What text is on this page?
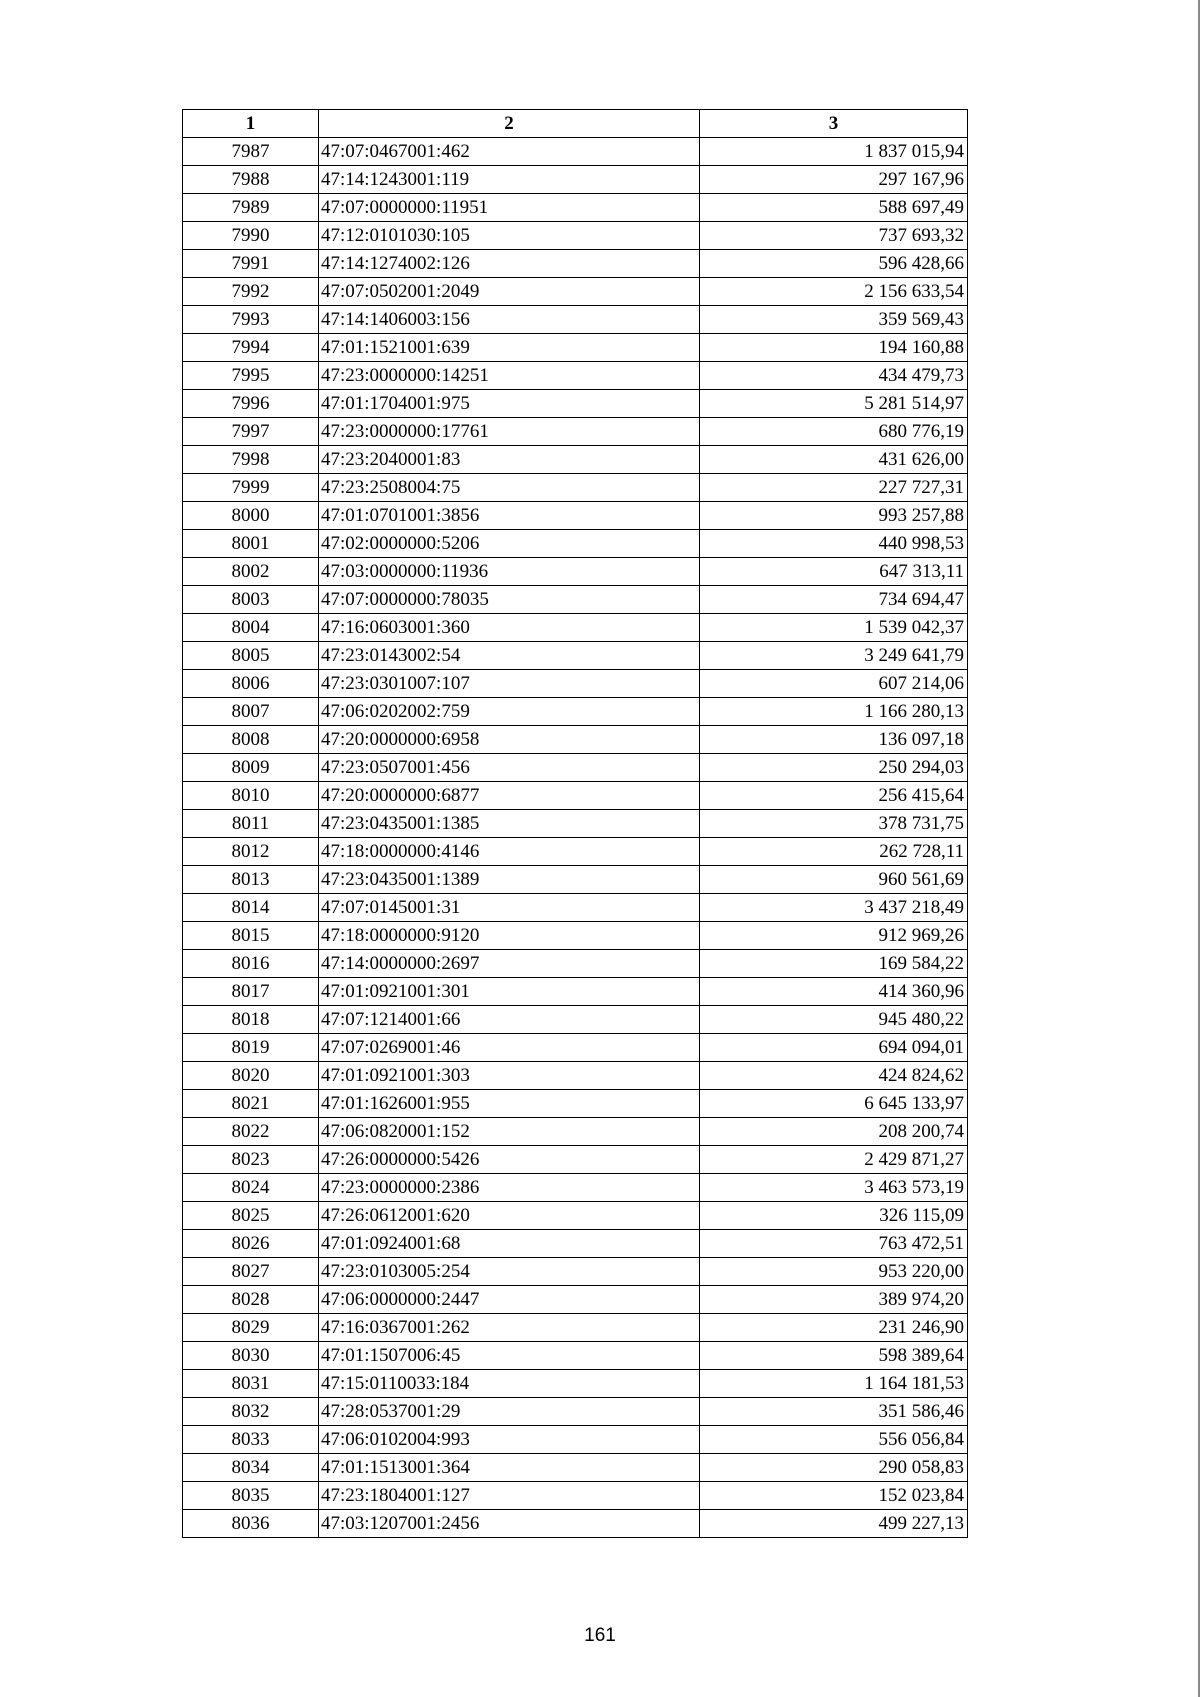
1	2	3
7987	47:07:0467001:462	1 837 015,94
7988	47:14:1243001:119	297 167,96
7989	47:07:0000000:11951	588 697,49
7990	47:12:0101030:105	737 693,32
7991	47:14:1274002:126	596 428,66
7992	47:07:0502001:2049	2 156 633,54
7993	47:14:1406003:156	359 569,43
7994	47:01:1521001:639	194 160,88
7995	47:23:0000000:14251	434 479,73
7996	47:01:1704001:975	5 281 514,97
7997	47:23:0000000:17761	680 776,19
7998	47:23:2040001:83	431 626,00
7999	47:23:2508004:75	227 727,31
8000	47:01:0701001:3856	993 257,88
8001	47:02:0000000:5206	440 998,53
8002	47:03:0000000:11936	647 313,11
8003	47:07:0000000:78035	734 694,47
8004	47:16:0603001:360	1 539 042,37
8005	47:23:0143002:54	3 249 641,79
8006	47:23:0301007:107	607 214,06
8007	47:06:0202002:759	1 166 280,13
8008	47:20:0000000:6958	136 097,18
8009	47:23:0507001:456	250 294,03
8010	47:20:0000000:6877	256 415,64
8011	47:23:0435001:1385	378 731,75
8012	47:18:0000000:4146	262 728,11
8013	47:23:0435001:1389	960 561,69
8014	47:07:0145001:31	3 437 218,49
8015	47:18:0000000:9120	912 969,26
8016	47:14:0000000:2697	169 584,22
8017	47:01:0921001:301	414 360,96
8018	47:07:1214001:66	945 480,22
8019	47:07:0269001:46	694 094,01
8020	47:01:0921001:303	424 824,62
8021	47:01:1626001:955	6 645 133,97
8022	47:06:0820001:152	208 200,74
8023	47:26:0000000:5426	2 429 871,27
8024	47:23:0000000:2386	3 463 573,19
8025	47:26:0612001:620	326 115,09
8026	47:01:0924001:68	763 472,51
8027	47:23:0103005:254	953 220,00
8028	47:06:0000000:2447	389 974,20
8029	47:16:0367001:262	231 246,90
8030	47:01:1507006:45	598 389,64
8031	47:15:0110033:184	1 164 181,53
8032	47:28:0537001:29	351 586,46
8033	47:06:0102004:993	556 056,84
8034	47:01:1513001:364	290 058,83
8035	47:23:1804001:127	152 023,84
8036	47:03:1207001:2456	499 227,13
161
